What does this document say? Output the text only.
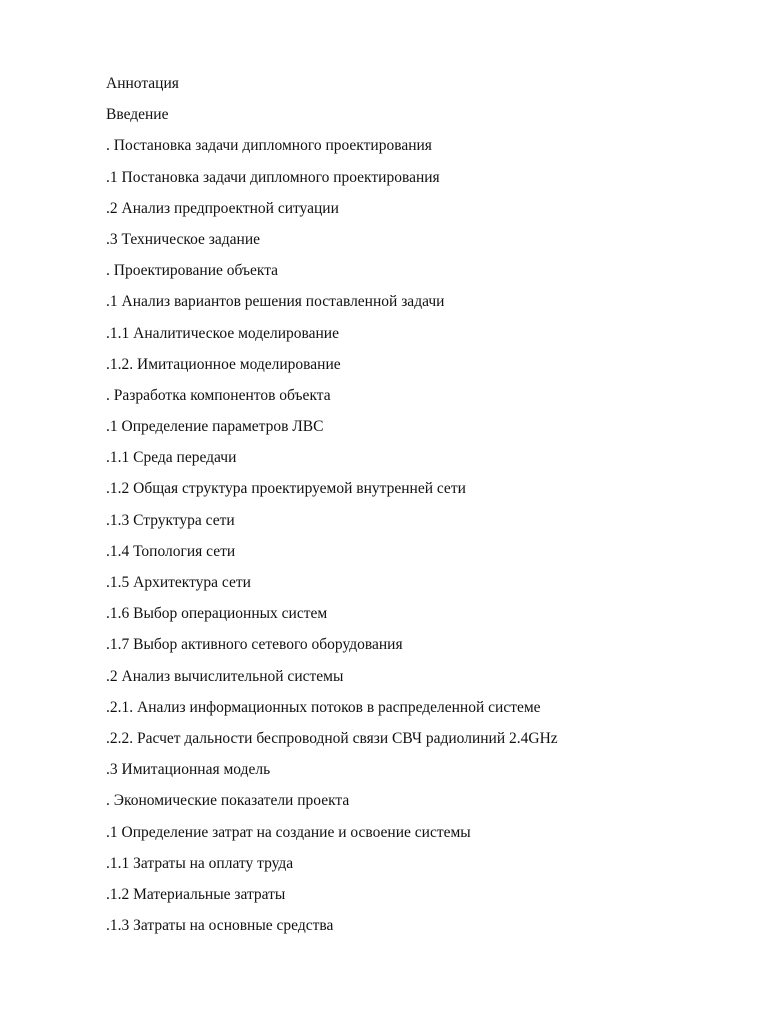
Аннотация
Введение
. Постановка задачи дипломного проектирования
.1 Постановка задачи дипломного проектирования
.2 Анализ предпроектной ситуации
.3 Техническое задание
. Проектирование объекта
.1 Анализ вариантов решения поставленной задачи
.1.1 Аналитическое моделирование
.1.2. Имитационное моделирование
. Разработка компонентов объекта
.1 Определение параметров ЛВС
.1.1 Среда передачи
.1.2 Общая структура проектируемой внутренней сети
.1.3 Структура сети
.1.4 Топология сети
.1.5 Архитектура сети
.1.6 Выбор операционных систем
.1.7 Выбор активного сетевого оборудования
.2 Анализ вычислительной системы
.2.1. Анализ информационных потоков в распределенной системе
.2.2. Расчет дальности беспроводной связи СВЧ радиолиний 2.4GHz
.3 Имитационная модель
. Экономические показатели проекта
.1 Определение затрат на создание и освоение системы
.1.1 Затраты на оплату труда
.1.2 Материальные затраты
.1.3 Затраты на основные средства
